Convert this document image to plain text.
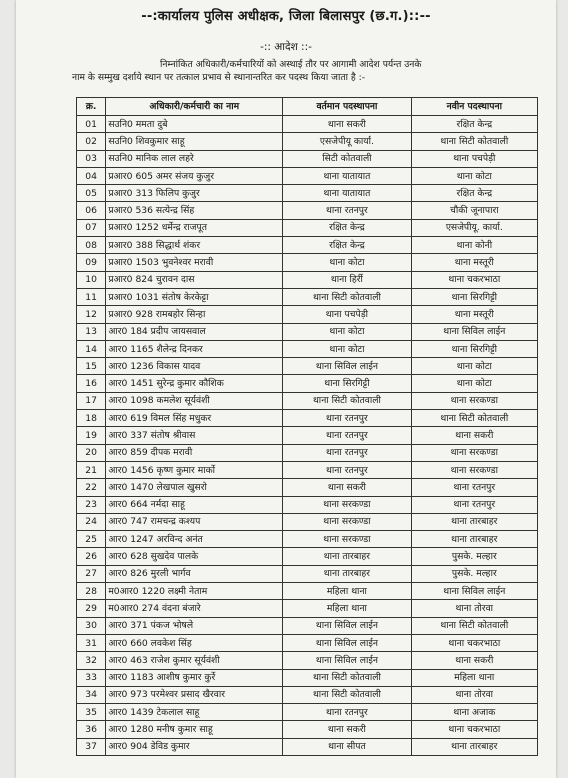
--:कार्यालय पुलिस अधीक्षक, जिला बिलासपुर (छ.ग.)::--
-:: आदेश ::-

निम्नांकित अधिकारी/कर्मचारियों को अस्थाई तौर पर आगामी आदेश पर्यन्त उनके

नाम के सम्मुख दर्शाये स्थान पर तत्काल प्रभाव से स्थानान्तरित कर पदस्थ किया जाता है :-

क्र.	अधिकारी/कर्मचारी का नाम	वर्तमान पदस्थापना	नवीन पदस्थापना
01	सउनि0 ममता दुबे	थाना सकरी	रक्षित केन्द्र
02	सउनि0 शिवकुमार साहू	एसजेपीयू कार्या.	थाना सिटी कोतवाली
03	सउनि0 मानिक लाल लहरे	सिटी कोतवाली	थाना पचपेड़ी
04	प्रआर0 605 अमर संजय कुजुर	थाना यातायात	थाना कोटा
05	प्रआर0 313 फिलिप कुजुर	थाना यातायात	रक्षित केन्द्र
06	प्रआर0 536 सत्येन्द्र सिंह	थाना रतनपुर	चौकी जूनापारा
07	प्रआर0 1252 धर्मेन्द्र राजपूत	रक्षित केन्द्र	एसजेपीयू. कार्या.
08	प्रआर0 388 सिद्धार्थ शंकर	रक्षित केन्द्र	थाना कोनी
09	प्रआर0 1503 भुवनेश्वर मरावी	थाना कोटा	थाना मस्तूरी
10	प्रआर0 824 चुरावन दास	थाना हिर्री	थाना चकरभाठा
11	प्रआर0 1031 संतोष केरकेट्टा	थाना सिटी कोतवाली	थाना सिरगिट्टी
12	प्रआर0 928 रामबहोर सिन्हा	थाना पचपेड़ी	थाना मस्तूरी
13	आर0 184 प्रदीप जायसवाल	थाना कोटा	थाना सिविल लाईन
14	आर0 1165 शैलेन्द्र दिनकर	थाना कोटा	थाना सिरगिट्टी
15	आर0 1236 विकास यादव	थाना सिविल लाईन	थाना कोटा
16	आर0 1451 सुरेन्द्र कुमार कौशिक	थाना सिरगिट्टी	थाना कोटा
17	आर0 1098 कमलेश सूर्यवंशी	थाना सिटी कोतवाली	थाना सरकण्डा
18	आर0 619 विमल सिंह मधुकर	थाना रतनपुर	थाना सिटी कोतवाली
19	आर0 337 संतोष श्रीवास	थाना रतनपुर	थाना सकरी
20	आर0 859 दीपक मरावी	थाना रतनपुर	थाना सरकण्डा
21	आर0 1456 कृष्ण कुमार मार्को	थाना रतनपुर	थाना सरकण्डा
22	आर0 1470 लेखपाल खुसरो	थाना सकरी	थाना रतनपुर
23	आर0 664 नर्मदा साहू	थाना सरकण्डा	थाना रतनपुर
24	आर0 747 रामचन्द्र कश्यप	थाना सरकण्डा	थाना तारबाहर
25	आर0 1247 अरविन्द अनंत	थाना सरकण्डा	थाना तारबाहर
26	आर0 628 सुखदेव पालके	थाना तारबाहर	पुसके. मल्हार
27	आर0 826 मुरली भार्गव	थाना तारबाहर	पुसके. मल्हार
28	म0आर0 1220 लक्ष्मी नेताम	महिला थाना	थाना सिविल लाईन
29	म0आर0 274 वंदना बंजारे	महिला थाना	थाना तोरवा
30	आर0 371 पंकज भोषले	थाना सिविल लाईन	थाना सिटी कोतवाली
31	आर0 660 लवकेश सिंह	थाना सिविल लाईन	थाना चकरभाठा
32	आर0 463 राजेश कुमार सूर्यवंशी	थाना सिविल लाईन	थाना सकरी
33	आर0 1183 आशीष कुमार कुर्रे	थाना सिटी कोतवाली	महिला थाना
34	आर0 973 परमेश्वर प्रसाद खैरवार	थाना सिटी कोतवाली	थाना तोरवा
35	आर0 1439 टेकलाल साहू	थाना रतनपुर	थाना अजाक
36	आर0 1280 मनीष कुमार साहू	थाना सकरी	थाना चकरभाठा
37	आर0 904 डेविड कुमार	थाना सीपत	थाना तारबाहर
